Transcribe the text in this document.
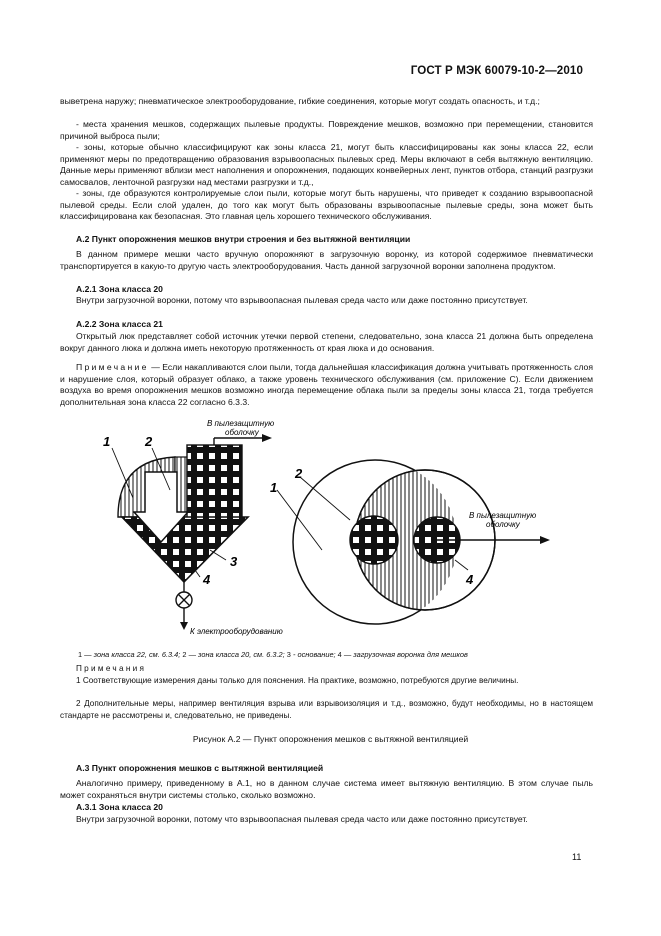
ГОСТ Р МЭК 60079-10-2—2010

выветрена наружу; пневматическое электрооборудование, гибкие соединения, которые могут создать опасность, и т.д.;

- места хранения мешков, содержащих пылевые продукты. Повреждение мешков, возможно при перемещении, становится причиной выброса пыли;

- зоны, которые обычно классифицируют как зоны класса 21, могут быть классифицированы как зоны класса 22, если применяют меры по предотвращению образования взрывоопасных пылевых сред. Меры включают в себя вытяжную вентиляцию. Данные меры применяют вблизи мест наполнения и опорожнения, подающих конвейерных лент, пунктов отбора, станций разгрузки самосвалов, ленточной разгрузки над местами разгрузки и т.д.,

- зоны, где образуются контролируемые слои пыли, которые могут быть нарушены, что приведет к созданию взрывоопасной пылевой среды. Если слой удален, до того как могут быть образованы взрывоопасные пылевые среды, зона может быть классифицирована как безопасная. Это главная цель хорошего технического обслуживания.

А.2 Пункт опорожнения мешков внутри строения и без вытяжной вентиляции

В данном примере мешки часто вручную опорожняют в загрузочную воронку, из которой содержимое пневматически транспортируется в какую-то другую часть электрооборудования. Часть данной загрузочной воронки заполнена продуктом.

А.2.1 Зона класса 20

Внутри загрузочной воронки, потому что взрывоопасная пылевая среда часто или даже постоянно присутствует.

А.2.2 Зона класса 21

Открытый люк представляет собой источник утечки первой степени, следовательно, зона класса 21 должна быть определена вокруг данного люка и должна иметь некоторую протяженность от края люка и до основания.

Примечание — Если накапливаются слои пыли, тогда дальнейшая классификация должна учитывать протяженность слоя и нарушение слоя, который образует облако, а также уровень технического обслуживания (см. приложение С). Если движением воздуха во время опорожнения мешков возможно иногда перемещение облака пыли за пределы зоны класса 21, тогда требуется дополнительная зона класса 22 согласно 6.3.3.

1	2
3
4
В пылезащитную
оболочку
К электрооборудованию
1
2
4
В пылезащитную
оболочку

1 — зона класса 22, см. 6.3.4; 2 — зона класса 20, см. 6.3.2; 3 - основание; 4 — загрузочная воронка для мешков

Примечания

1 Соответствующие измерения даны только для пояснения. На практике, возможно, потребуются другие величины.

2 Дополнительные меры, например вентиляция взрыва или взрывоизоляция и т.д., возможно, будут необходимы, но в настоящем стандарте не рассмотрены и, следовательно, не приведены.

Рисунок А.2 — Пункт опорожнения мешков с вытяжной вентиляцией

А.3 Пункт опорожнения мешков с вытяжной вентиляцией

Аналогично примеру, приведенному в А.1, но в данном случае система имеет вытяжную вентиляцию. В этом случае пыль может сохраняться внутри системы столько, сколько возможно.

А.3.1 Зона класса 20

Внутри загрузочной воронки, потому что взрывоопасная пылевая среда часто или даже постоянно присутствует.

11
